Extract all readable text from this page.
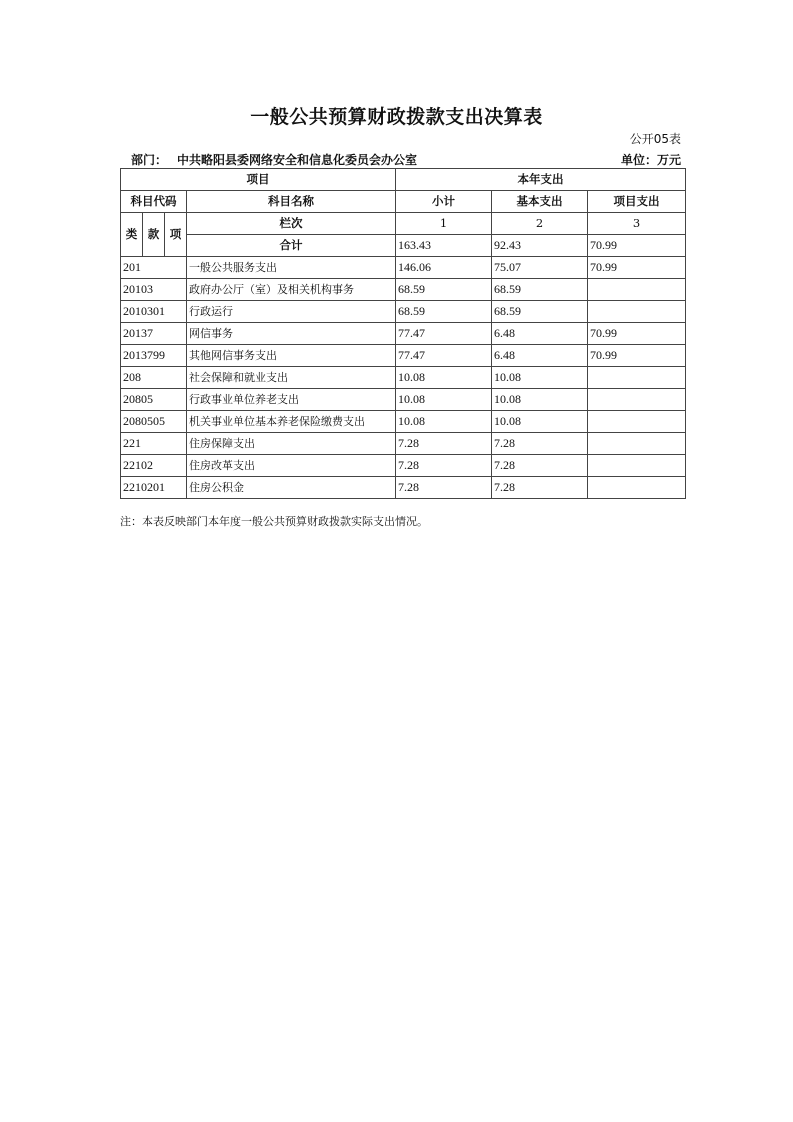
一般公共预算财政拨款支出决算表
公开05表
部门： 中共略阳县委网络安全和信息化委员会办公室	单位：万元
项目				本年支出		
科目代码			科目名称	小计	基本支出	项目支出
类	款	项	栏次	1	2	3
			合计	163.43	92.43	70.99
201			一般公共服务支出	146.06	75.07	70.99
20103			政府办公厅（室）及相关机构事务	68.59	68.59	
2010301			行政运行	68.59	68.59	
20137			网信事务	77.47	6.48	70.99
2013799			其他网信事务支出	77.47	6.48	70.99
208			社会保障和就业支出	10.08	10.08	
20805			行政事业单位养老支出	10.08	10.08	
2080505			机关事业单位基本养老保险缴费支出	10.08	10.08	
221			住房保障支出	7.28	7.28	
22102			住房改革支出	7.28	7.28	
2210201			住房公积金	7.28	7.28	
注：本表反映部门本年度一般公共预算财政拨款实际支出情况。
